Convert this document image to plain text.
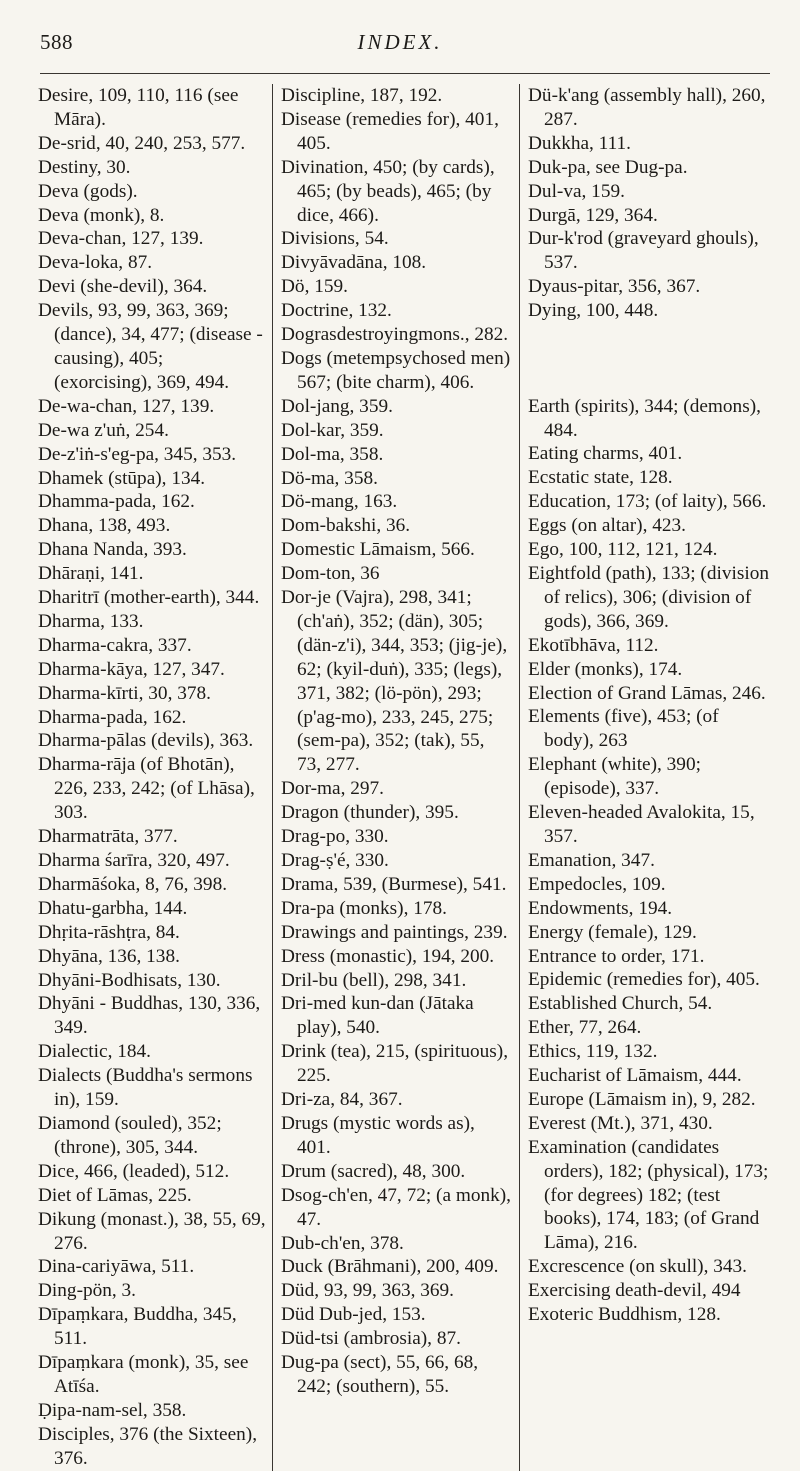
588	INDEX.

Desire, 109, 110, 116 (see Māra).

De-srid, 40, 240, 253, 577.

Destiny, 30.

Deva (gods).

Deva (monk), 8.

Deva-chan, 127, 139.

Deva-loka, 87.

Devi (she-devil), 364.

Devils, 93, 99, 363, 369; (dance), 34, 477; (disease - causing), 405; (exorcising), 369, 494.

De-wa-chan, 127, 139.

De-wa z'uṅ, 254.

De-z'iṅ-s'eg-pa, 345, 353.

Dhamek (stūpa), 134.

Dhamma-pada, 162.

Dhana, 138, 493.

Dhana Nanda, 393.

Dhāraṇi, 141.

Dharitrī (mother-earth), 344.

Dharma, 133.

Dharma-cakra, 337.

Dharma-kāya, 127, 347.

Dharma-kīrti, 30, 378.

Dharma-pada, 162.

Dharma-pālas (devils), 363.

Dharma-rāja (of Bhotān), 226, 233, 242; (of Lhāsa), 303.

Dharmatrāta, 377.

Dharma śarīra, 320, 497.

Dharmāśoka, 8, 76, 398.

Dhatu-garbha, 144.

Dhṛita-rāshṭra, 84.

Dhyāna, 136, 138.

Dhyāni-Bodhisats, 130.

Dhyāni - Buddhas, 130, 336, 349.

Dialectic, 184.

Dialects (Buddha's sermons in), 159.

Diamond (souled), 352; (throne), 305, 344.

Dice, 466, (leaded), 512.

Diet of Lāmas, 225.

Dikung (monast.), 38, 55, 69, 276.

Dina-cariyāwa, 511.

Ding-pön, 3.

Dīpaṃkara, Buddha, 345, 511.

Dīpaṃkara (monk), 35, see Atīśa.

Ḍipa-nam-sel, 358.

Disciples, 376 (the Sixteen), 376.

Discipline, 187, 192.

Disease (remedies for), 401, 405.

Divination, 450; (by cards), 465; (by beads), 465; (by dice, 466).

Divisions, 54.

Divyāvadāna, 108.

Dö, 159.

Doctrine, 132.

Dograsdestroyingmons., 282.

Dogs (metempsychosed men) 567; (bite charm), 406.

Dol-jang, 359.

Dol-kar, 359.

Dol-ma, 358.

Dö-ma, 358.

Dö-mang, 163.

Dom-bakshi, 36.

Domestic Lāmaism, 566.

Dom-ton, 36

Dor-je (Vajra), 298, 341; (ch'aṅ), 352; (dän), 305; (dän-z'i), 344, 353; (jig-je), 62; (kyil-duṅ), 335; (legs), 371, 382; (lö-pön), 293; (p'ag-mo), 233, 245, 275; (sem-pa), 352; (tak), 55, 73, 277.

Dor-ma, 297.

Dragon (thunder), 395.

Drag-po, 330.

Drag-ṣ'é, 330.

Drama, 539, (Burmese), 541.

Dra-pa (monks), 178.

Drawings and paintings, 239.

Dress (monastic), 194, 200.

Dril-bu (bell), 298, 341.

Dri-med kun-dan (Jātaka play), 540.

Drink (tea), 215, (spirituous), 225.

Dri-za, 84, 367.

Drugs (mystic words as), 401.

Drum (sacred), 48, 300.

Dsog-ch'en, 47, 72; (a monk), 47.

Dub-ch'en, 378.

Duck (Brāhmani), 200, 409.

Düd, 93, 99, 363, 369.

Düd Dub-jed, 153.

Düd-tsi (ambrosia), 87.

Dug-pa (sect), 55, 66, 68, 242; (southern), 55.

Dü-k'ang (assembly hall), 260, 287.

Dukkha, 111.

Duk-pa, see Dug-pa.

Dul-va, 159.

Durgā, 129, 364.

Dur-k'rod (graveyard ghouls), 537.

Dyaus-pitar, 356, 367.

Dying, 100, 448.

Earth (spirits), 344; (demons), 484.

Eating charms, 401.

Ecstatic state, 128.

Education, 173; (of laity), 566.

Eggs (on altar), 423.

Ego, 100, 112, 121, 124.

Eightfold (path), 133; (division of relics), 306; (division of gods), 366, 369.

Ekotībhāva, 112.

Elder (monks), 174.

Election of Grand Lāmas, 246.

Elements (five), 453; (of body), 263

Elephant (white), 390; (episode), 337.

Eleven-headed Avalokita, 15, 357.

Emanation, 347.

Empedocles, 109.

Endowments, 194.

Energy (female), 129.

Entrance to order, 171.

Epidemic (remedies for), 405.

Established Church, 54.

Ether, 77, 264.

Ethics, 119, 132.

Eucharist of Lāmaism, 444.

Europe (Lāmaism in), 9, 282.

Everest (Mt.), 371, 430.

Examination (candidates orders), 182; (physical), 173; (for degrees) 182; (test books), 174, 183; (of Grand Lāma), 216.

Excrescence (on skull), 343.

Exercising death-devil, 494

Exoteric Buddhism, 128.
